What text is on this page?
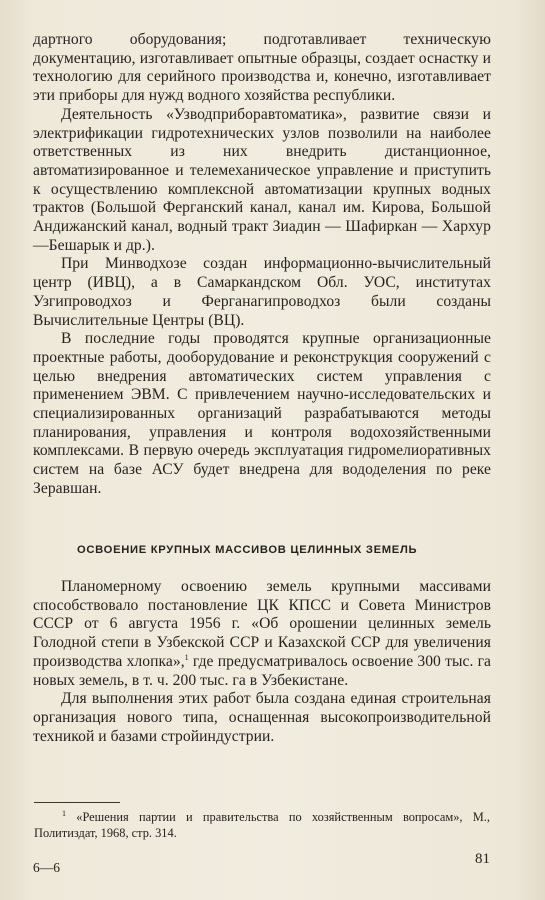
дартного оборудования; подготавливает техническую документацию, изготавливает опытные образцы, создает оснастку и технологию для серийного производства и, конечно, изготавливает эти приборы для нужд водного хозяйства республики.

Деятельность «Узводприборавтоматика», развитие связи и электрификации гидротехнических узлов позволили на наиболее ответственных из них внедрить дистанционное, автоматизированное и телемеханическое управление и приступить к осуществлению комплексной автоматизации крупных водных трактов (Большой Ферганский канал, канал им. Кирова, Большой Андижанский канал, водный тракт Зиадин — Шафиркан — Хархур—Бешарык и др.).

При Минводхозе создан информационно-вычислительный центр (ИВЦ), а в Самаркандском Обл. УОС, институтах Узгипроводхоз и Ферганагипроводхоз были созданы Вычислительные Центры (ВЦ).

В последние годы проводятся крупные организационные проектные работы, дооборудование и реконструкция сооружений с целью внедрения автоматических систем управления с применением ЭВМ. С привлечением научно-исследовательских и специализированных организаций разрабатываются методы планирования, управления и контроля водохозяйственными комплексами. В первую очередь эксплуатация гидромелиоративных систем на базе АСУ будет внедрена для вододеления по реке Зеравшан.

ОСВОЕНИЕ КРУПНЫХ МАССИВОВ ЦЕЛИННЫХ ЗЕМЕЛЬ

Планомерному освоению земель крупными массивами способствовало постановление ЦК КПСС и Совета Министров СССР от 6 августа 1956 г. «Об орошении целинных земель Голодной степи в Узбекской ССР и Казахской ССР для увеличения производства хлопка»,$^1$ где предусматривалось освоение 300 тыс. га новых земель, в т. ч. 200 тыс. га в Узбекистане.

Для выполнения этих работ была создана единая строительная организация нового типа, оснащенная высокопроизводительной техникой и базами стройиндустрии.

$^1$ «Решения партии и правительства по хозяйственным вопросам», М., Политиздат, 1968, стр. 314.
6—6
81
